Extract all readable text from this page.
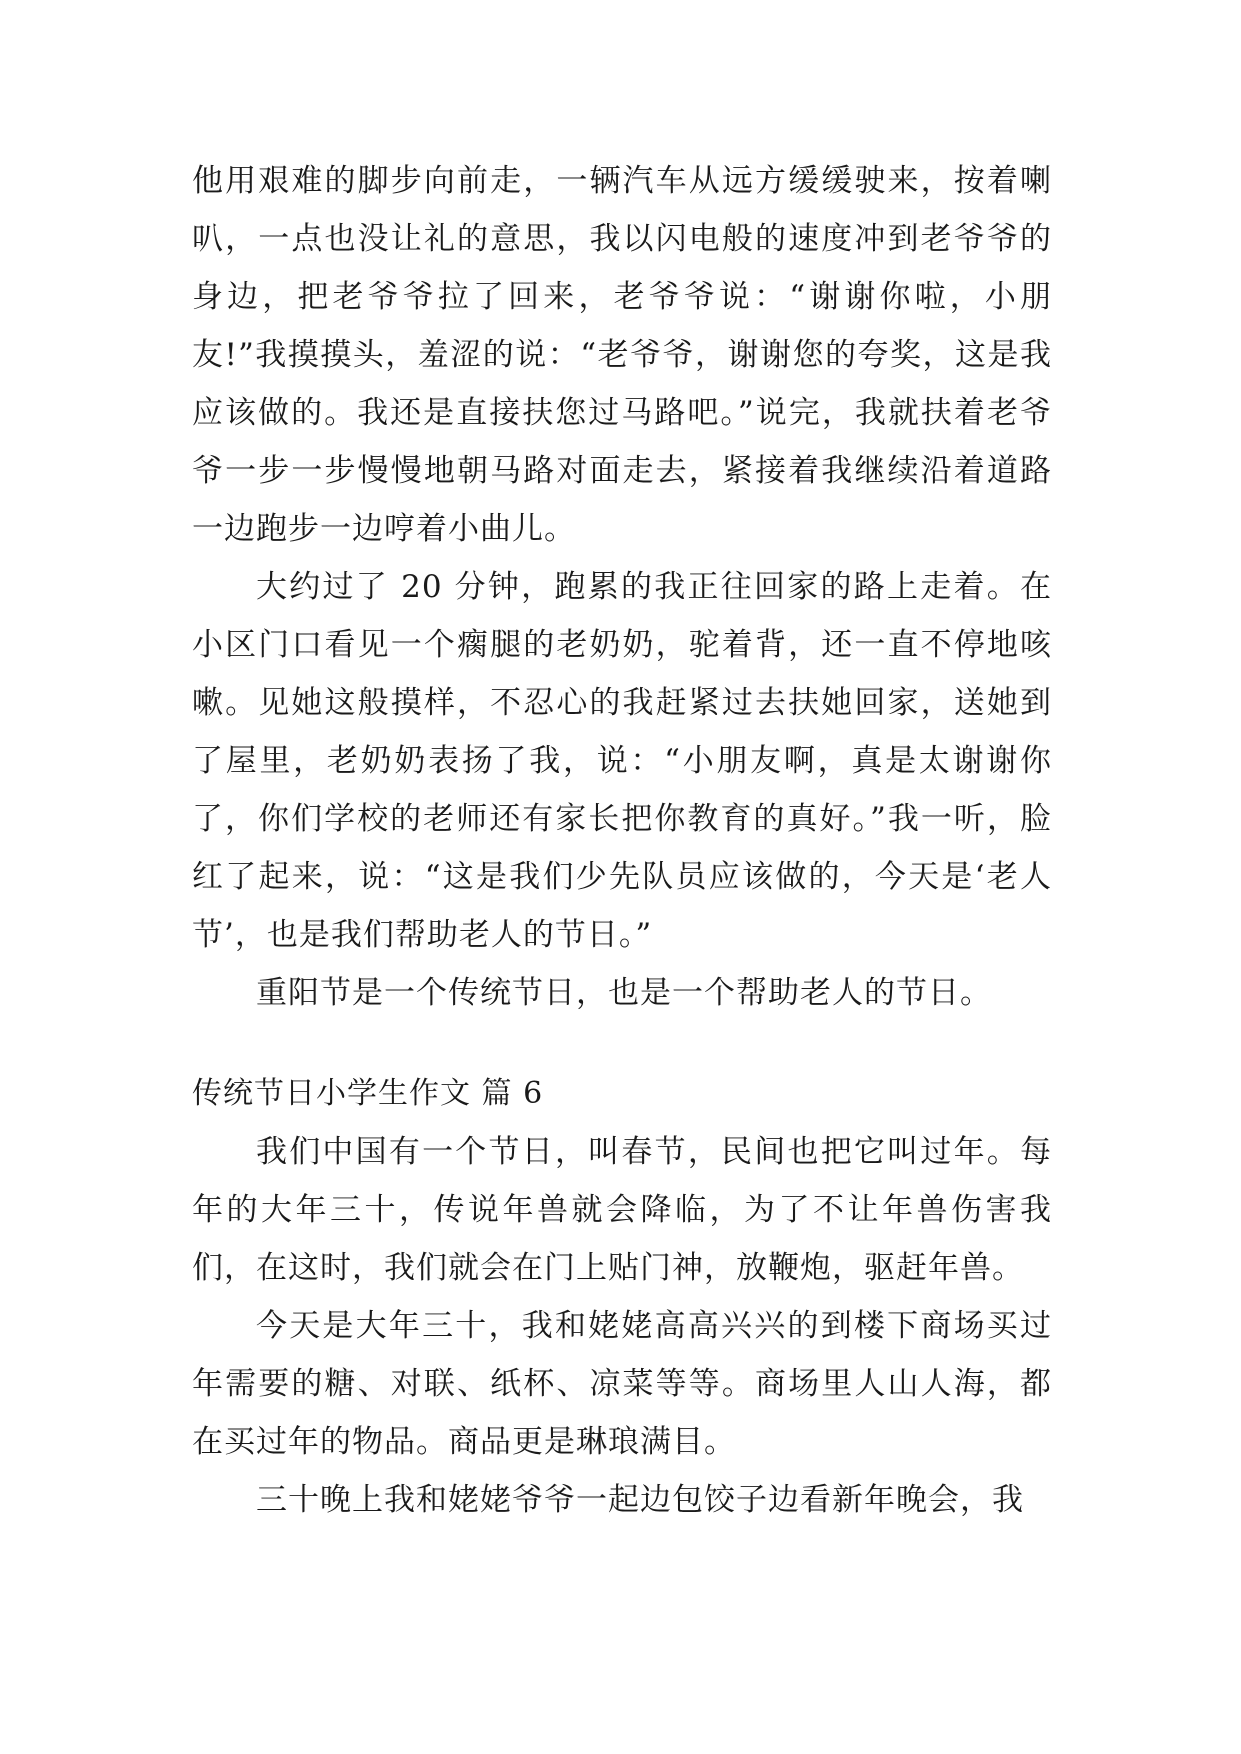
他用艰难的脚步向前走，一辆汽车从远方缓缓驶来，按着喇叭，一点也没让礼的意思，我以闪电般的速度冲到老爷爷的身边，把老爷爷拉了回来，老爷爷说：“谢谢你啦，小朋友!”我摸摸头，羞涩的说：“老爷爷，谢谢您的夸奖，这是我应该做的。我还是直接扶您过马路吧。”说完，我就扶着老爷爷一步一步慢慢地朝马路对面走去，紧接着我继续沿着道路一边跑步一边哼着小曲儿。

大约过了 20 分钟，跑累的我正往回家的路上走着。在小区门口看见一个瘸腿的老奶奶，驼着背，还一直不停地咳嗽。见她这般摸样，不忍心的我赶紧过去扶她回家，送她到了屋里，老奶奶表扬了我，说：“小朋友啊，真是太谢谢你了，你们学校的老师还有家长把你教育的真好。”我一听，脸红了起来，说：“这是我们少先队员应该做的，今天是‘老人节’，也是我们帮助老人的节日。”

重阳节是一个传统节日，也是一个帮助老人的节日。

传统节日小学生作文 篇 6

我们中国有一个节日，叫春节，民间也把它叫过年。每年的大年三十，传说年兽就会降临，为了不让年兽伤害我们，在这时，我们就会在门上贴门神，放鞭炮，驱赶年兽。

今天是大年三十，我和姥姥高高兴兴的到楼下商场买过年需要的糖、对联、纸杯、凉菜等等。商场里人山人海，都在买过年的物品。商品更是琳琅满目。

三十晚上我和姥姥爷爷一起边包饺子边看新年晚会，我
